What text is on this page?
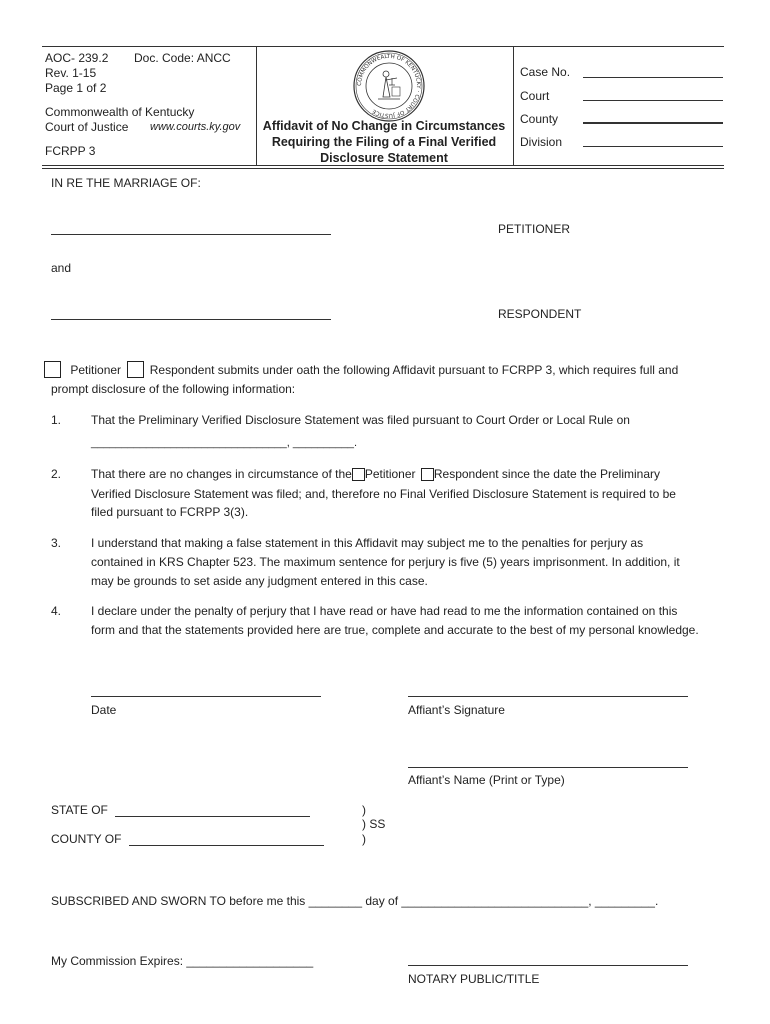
AOC- 239.2 Doc. Code: ANCC
Rev. 1-15
Page 1 of 2
Commonwealth of Kentucky
Court of Justice www.courts.ky.gov
FCRPP 3
COMMONWEALTH OF KENTUCKY · COURT OF JUSTICE
Affidavit of No Change in Circumstances
Requiring the Filing of a Final Verified
Disclosure Statement
Case No.
Court
County
Division
IN RE THE MARRIAGE OF:
PETITIONER
and
RESPONDENT
Petitioner Respondent submits under oath the following Affidavit pursuant to FCRPP 3, which requires full and
prompt disclosure of the following information:
1. That the Preliminary Verified Disclosure Statement was filed pursuant to Court Order or Local Rule on
________________________________, __________.
2. That there are no changes in circumstance of the Petitioner Respondent since the date the Preliminary
Verified Disclosure Statement was filed; and, therefore no Final Verified Disclosure Statement is required to be
filed pursuant to FCRPP 3(3).
3. I understand that making a false statement in this Affidavit may subject me to the penalties for perjury as
contained in KRS Chapter 523. The maximum sentence for perjury is five (5) years imprisonment. In addition, it
may be grounds to set aside any judgment entered in this case.
4. I declare under the penalty of perjury that I have read or have had read to me the information contained on this
form and that the statements provided here are true, complete and accurate to the best of my personal knowledge.
Date	Affiant’s Signature
Affiant’s Name (Print or Type)
STATE OF
COUNTY OF
)
) SS
)
SUBSCRIBED AND SWORN TO before me this ________ day of ____________________________, _________.
My Commission Expires: ___________________
NOTARY PUBLIC/TITLE
